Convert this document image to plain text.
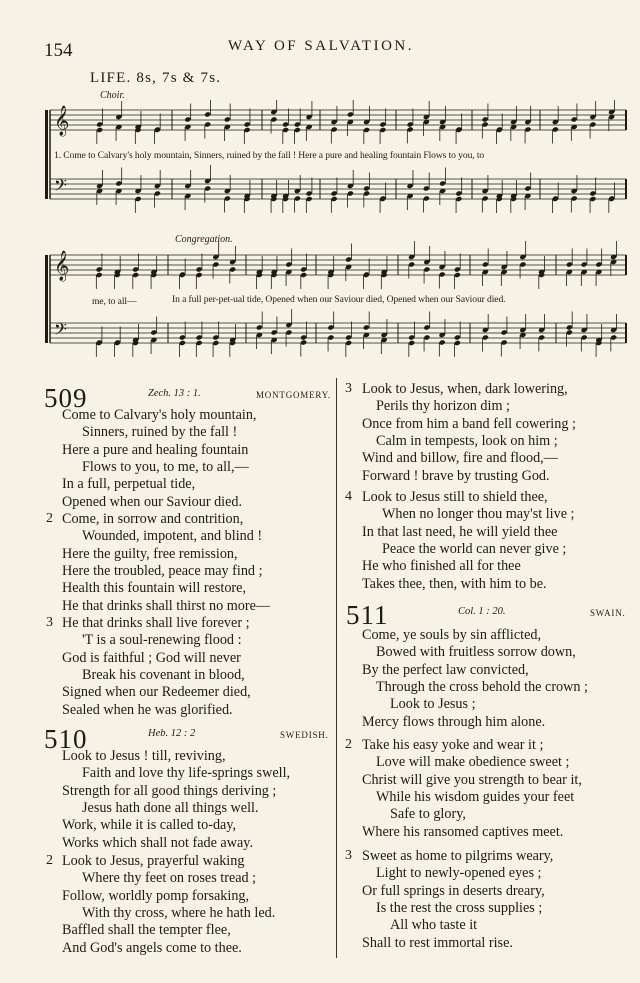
154	WAY OF SALVATION.
LIFE. 8s, 7s & 7s.
Choir.
𝄞
𝄢
1. Come to Calvary's holy mountain, Sinners, ruined by the fall ! Here a pure and healing fountain Flows to you, to
Congregation.
𝄞
𝄢
me, to all—	In a full per-pet-ual tide, Opened when our Saviour died, Opened when our Saviour died.
509	Zech. 13 : 1.	MONTGOMERY.
Come to Calvary's holy mountain,
Sinners, ruined by the fall !
Here a pure and healing fountain
Flows to you, to me, to all,—
In a full, perpetual tide,
Opened when our Saviour died.
2 Come, in sorrow and contrition,
Wounded, impotent, and blind !
Here the guilty, free remission,
Here the troubled, peace may find ;
Health this fountain will restore,
He that drinks shall thirst no more—
3 He that drinks shall live forever ;
'T is a soul-renewing flood :
God is faithful ; God will never
Break his covenant in blood,
Signed when our Redeemer died,
Sealed when he was glorified.
510	Heb. 12 : 2	SWEDISH.
Look to Jesus ! till, reviving,
Faith and love thy life-springs swell,
Strength for all good things deriving ;
Jesus hath done all things well.
Work, while it is called to-day,
Works which shall not fade away.
2 Look to Jesus, prayerful waking
Where thy feet on roses tread ;
Follow, worldly pomp forsaking,
With thy cross, where he hath led.
Baffled shall the tempter flee,
And God's angels come to thee.
3 Look to Jesus, when, dark lowering,
Perils thy horizon dim ;
Once from him a band fell cowering ;
Calm in tempests, look on him ;
Wind and billow, fire and flood,—
Forward ! brave by trusting God.
4 Look to Jesus still to shield thee,
When no longer thou may'st live ;
In that last need, he will yield thee
Peace the world can never give ;
He who finished all for thee
Takes thee, then, with him to be.
511	Col. 1 : 20.	SWAIN.
Come, ye souls by sin afflicted,
Bowed with fruitless sorrow down,
By the perfect law convicted,
Through the cross behold the crown ;
Look to Jesus ;
Mercy flows through him alone.
2 Take his easy yoke and wear it ;
Love will make obedience sweet ;
Christ will give you strength to bear it,
While his wisdom guides your feet
Safe to glory,
Where his ransomed captives meet.
3 Sweet as home to pilgrims weary,
Light to newly-opened eyes ;
Or full springs in deserts dreary,
Is the rest the cross supplies ;
All who taste it
Shall to rest immortal rise.
